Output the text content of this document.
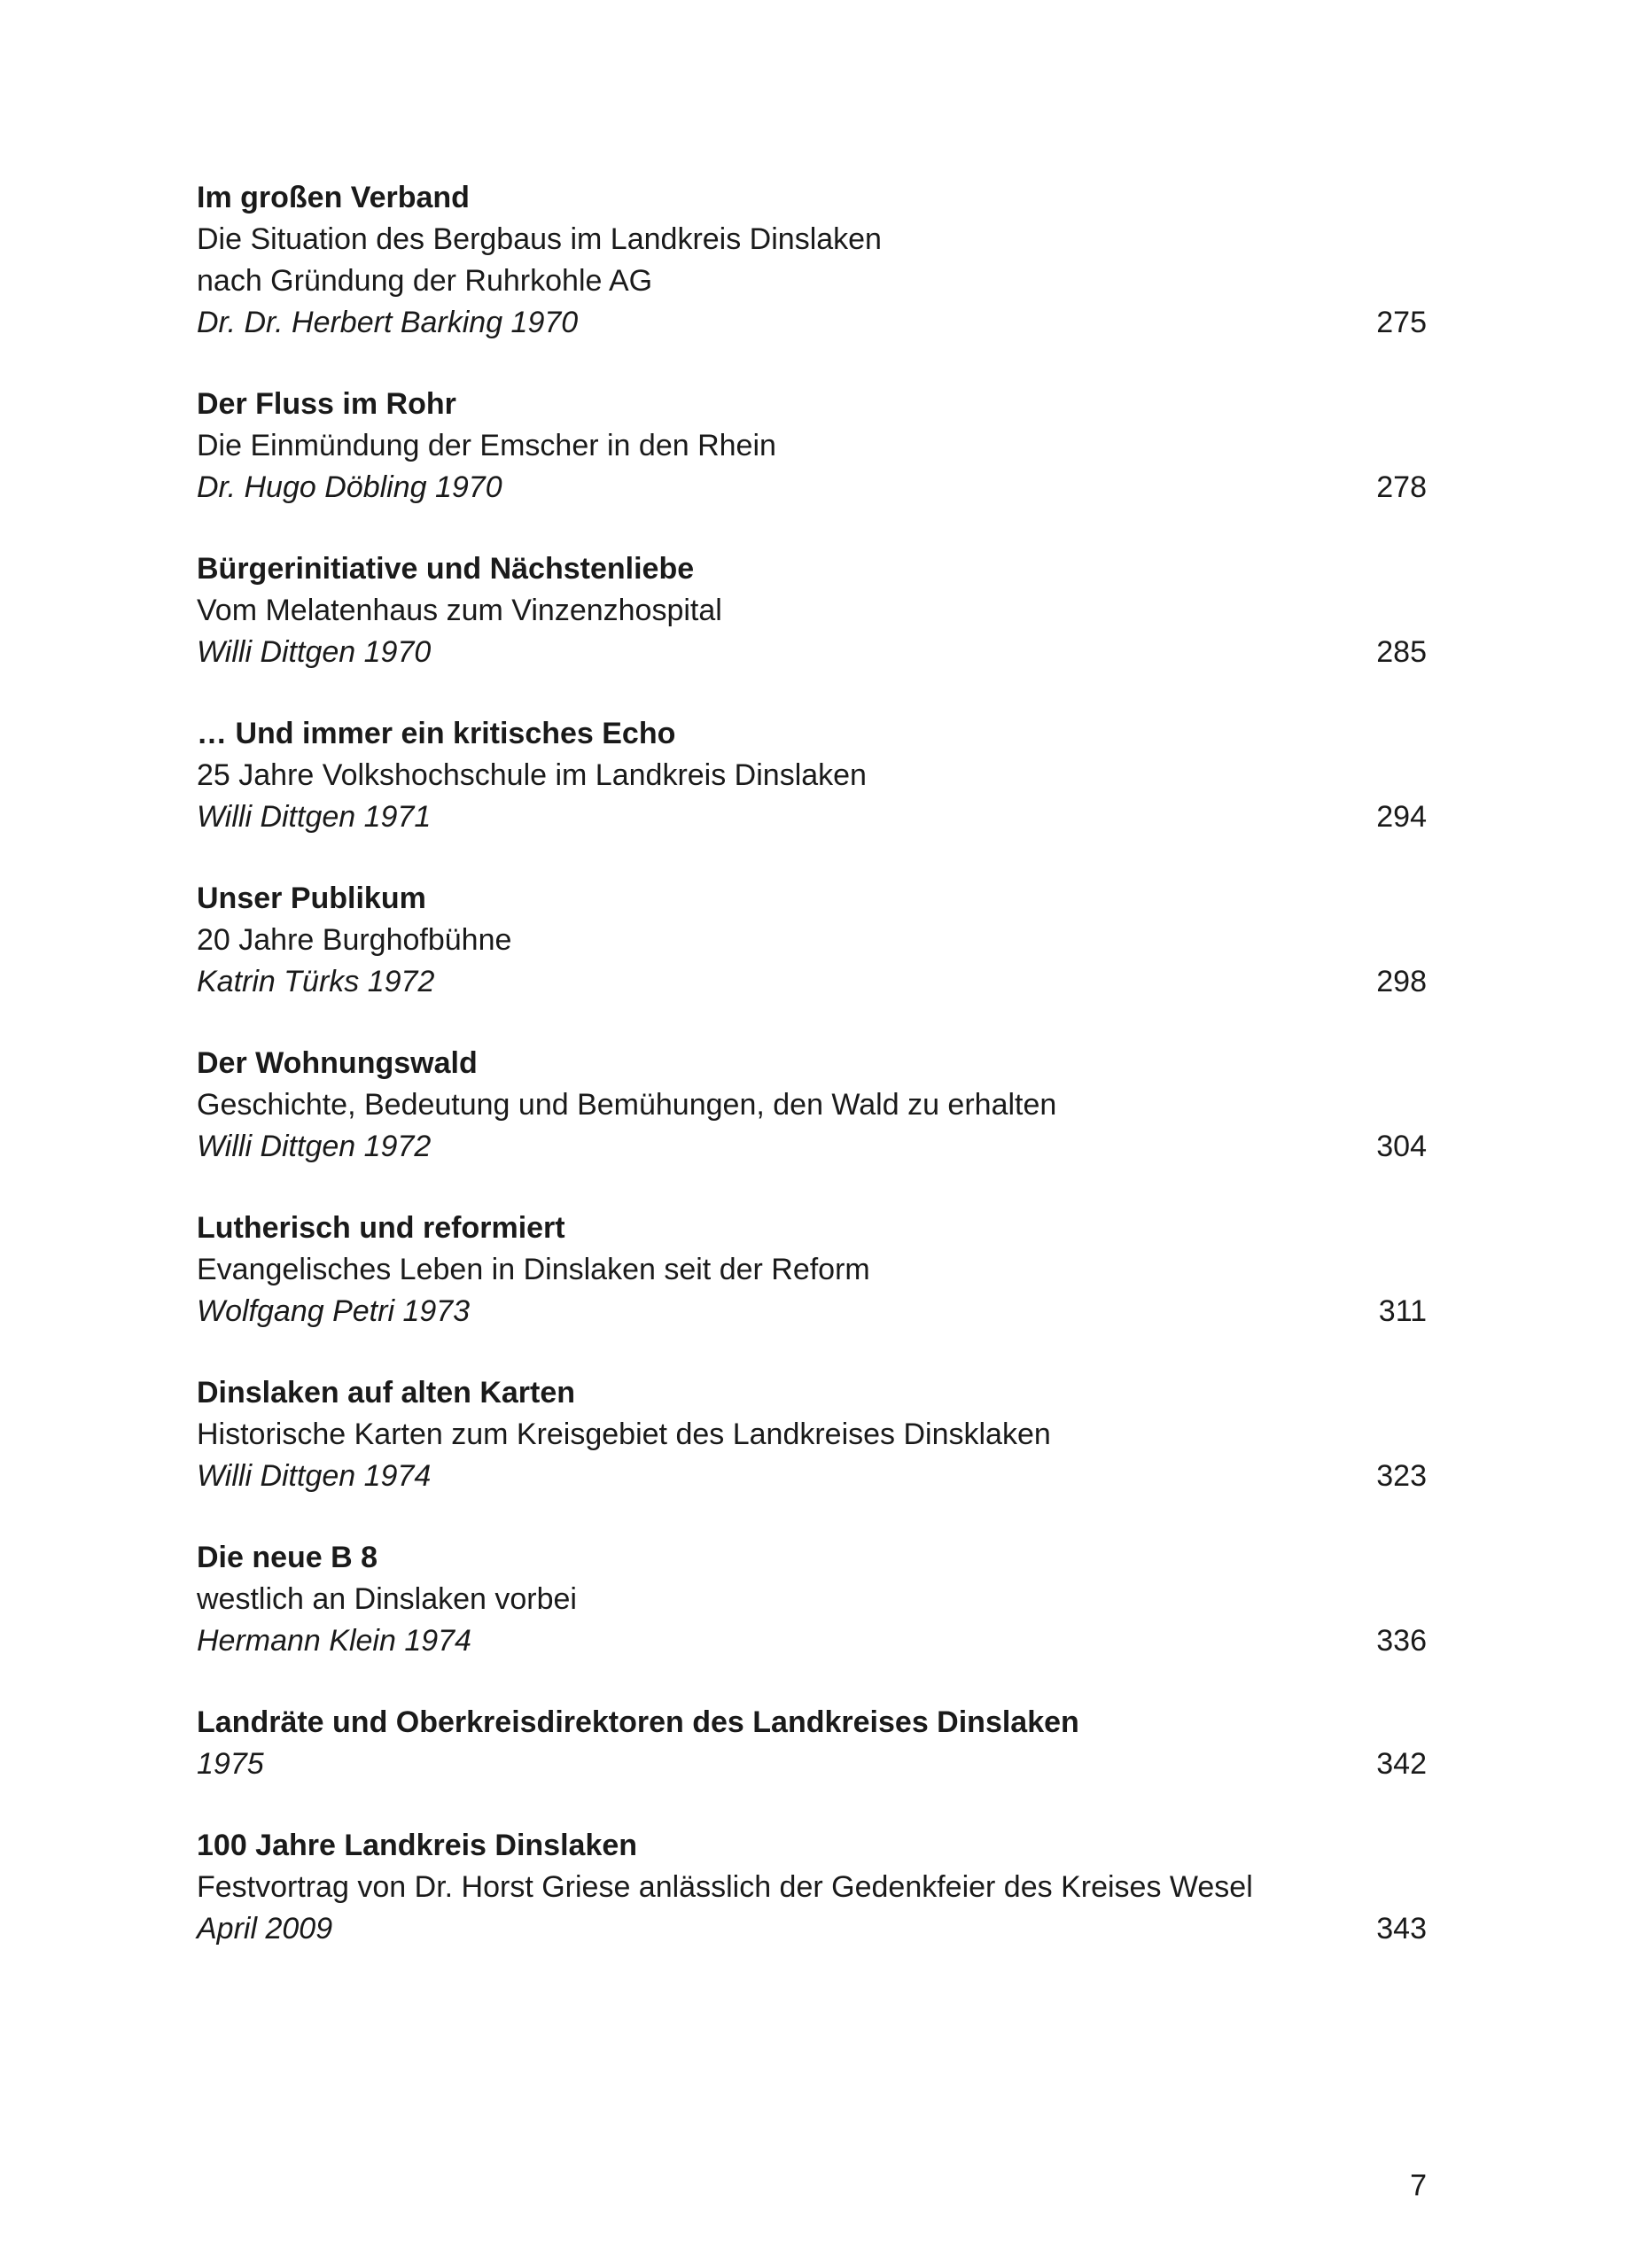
Im großen Verband
Die Situation des Bergbaus im Landkreis Dinslaken
nach Gründung der Ruhrkohle AG
Dr. Dr. Herbert Barking 1970	275
Der Fluss im Rohr
Die Einmündung der Emscher in den Rhein
Dr. Hugo Döbling 1970	278
Bürgerinitiative und Nächstenliebe
Vom Melatenhaus zum Vinzenzhospital
Willi Dittgen 1970	285
… Und immer ein kritisches Echo
25 Jahre Volkshochschule im Landkreis Dinslaken
Willi Dittgen 1971	294
Unser Publikum
20 Jahre Burghofbühne
Katrin Türks 1972	298
Der Wohnungswald
Geschichte, Bedeutung und Bemühungen, den Wald zu erhalten
Willi Dittgen 1972	304
Lutherisch und reformiert
Evangelisches Leben in Dinslaken seit der Reform
Wolfgang Petri 1973	311
Dinslaken auf alten Karten
Historische Karten zum Kreisgebiet des Landkreises Dinsklaken
Willi Dittgen 1974	323
Die neue B 8
westlich an Dinslaken vorbei
Hermann Klein 1974	336
Landräte und Oberkreisdirektoren des Landkreises Dinslaken
1975	342
100 Jahre Landkreis Dinslaken
Festvortrag von Dr. Horst Griese anlässlich der Gedenkfeier des Kreises Wesel
April 2009	343
7
